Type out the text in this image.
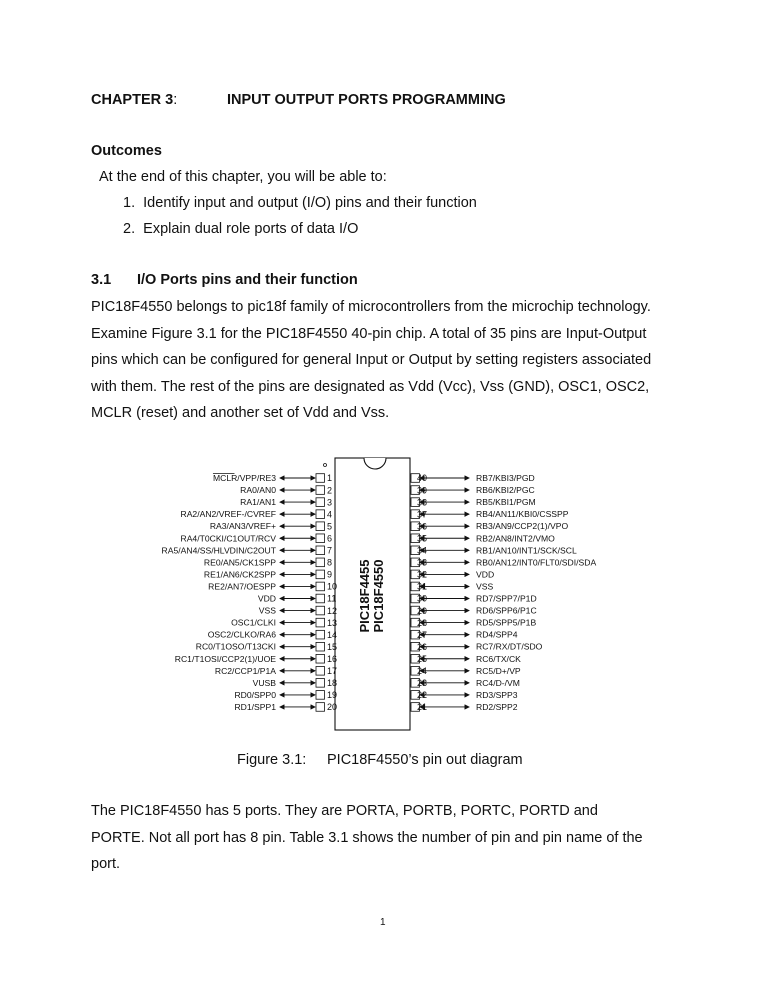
CHAPTER 3:	INPUT OUTPUT PORTS PROGRAMMING
Outcomes
At the end of this chapter, you will be able to:
1. Identify input and output (I/O) pins and their function
2. Explain dual role ports of data I/O
3.1 I/O Ports pins and their function
PIC18F4550 belongs to pic18f family of microcontrollers from the microchip technology.
Examine Figure 3.1 for the PIC18F4550 40-pin chip. A total of 35 pins are Input-Output
pins which can be configured for general Input or Output by setting registers associated
with them. The rest of the pins are designated as Vdd (Vcc), Vss (GND), OSC1, OSC2,
MCLR (reset) and another set of Vdd and Vss.
1
MCLR/VPP/RE3
2
RA0/AN0
3
RA1/AN1
4
RA2/AN2/VREF-/CVREF
5
RA3/AN3/VREF+
6
RA4/T0CKI/C1OUT/RCV
7
RA5/AN4/SS/HLVDIN/C2OUT
8
RE0/AN5/CK1SPP
9
RE1/AN6/CK2SPP
10
RE2/AN7/OESPP
11
VDD
12
VSS
13
OSC1/CLKI
14
OSC2/CLKO/RA6
15
RC0/T1OSO/T13CKI
16
RC1/T1OSI/CCP2(1)/UOE
17
RC2/CCP1/P1A
18
VUSB
19
RD0/SPP0
20
RD1/SPP1
40	RB7/KBI3/PGD
39	RB6/KBI2/PGC
38	RB5/KBI1/PGM
37	RB4/AN11/KBI0/CSSPP
36	RB3/AN9/CCP2(1)/VPO
35	RB2/AN8/INT2/VMO
34	RB1/AN10/INT1/SCK/SCL
33	RB0/AN12/INT0/FLT0/SDI/SDA
32	VDD
31	VSS
30	RD7/SPP7/P1D
29	RD6/SPP6/P1C
28	RD5/SPP5/P1B
27	RD4/SPP4
26	RC7/RX/DT/SDO
25	RC6/TX/CK
24	RC5/D+/VP
23	RC4/D-/VM
22	RD3/SPP3
21	RD2/SPP2
PIC18F4455 PIC18F4550
Figure 3.1: PIC18F4550’s pin out diagram
The PIC18F4550 has 5 ports. They are PORTA, PORTB, PORTC, PORTD and
PORTE. Not all port has 8 pin. Table 3.1 shows the number of pin and pin name of the
port.
1
